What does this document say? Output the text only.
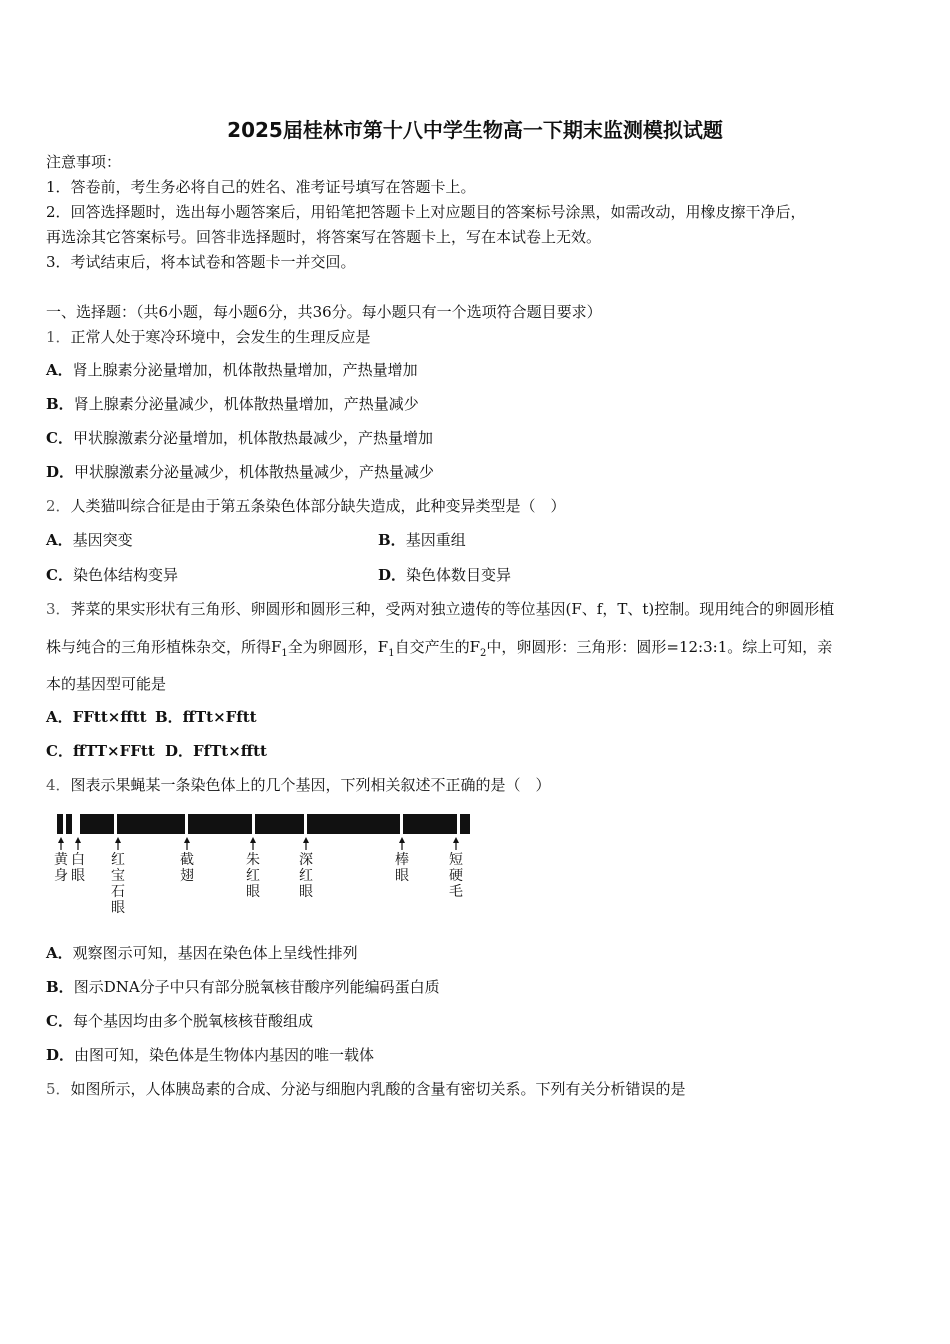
2025届桂林市第十八中学生物高一下期末监测模拟试题
注意事项：
1．答卷前，考生务必将自己的姓名、准考证号填写在答题卡上。
2．回答选择题时，选出每小题答案后，用铅笔把答题卡上对应题目的答案标号涂黑，如需改动，用橡皮擦干净后，
再选涂其它答案标号。回答非选择题时，将答案写在答题卡上，写在本试卷上无效。
3．考试结束后，将本试卷和答题卡一并交回。
一、选择题：（共6小题，每小题6分，共36分。每小题只有一个选项符合题目要求）
1．正常人处于寒冷环境中，会发生的生理反应是
A．肾上腺素分泌量增加，机体散热量增加，产热量增加
B．肾上腺素分泌量减少，机体散热量增加，产热量减少
C．甲状腺激素分泌量增加，机体散热最减少，产热量增加
D．甲状腺激素分泌量减少，机体散热量减少，产热量减少
2．人类猫叫综合征是由于第五条染色体部分缺失造成，此种变异类型是（　）
A．基因突变	B．基因重组
C．染色体结构变异	D．染色体数目变异
3．荠菜的果实形状有三角形、卵圆形和圆形三种，受两对独立遗传的等位基因(F、f，T、t)控制。现用纯合的卵圆形植
株与纯合的三角形植株杂交，所得$F_1$全为卵圆形，$F_1$自交产生的$F_2$中，卵圆形：三角形：圆形=12:3:1。综上可知，亲
本的基因型可能是
A．FFtt×fftt B．ffTt×Fftt
C．ffTT×FFtt D．FfTt×fftt
4．图表示果蝇某一条染色体上的几个基因，下列相关叙述不正确的是（　）
黄身
白眼
红宝石眼
截翅
朱红眼
深红眼
棒眼
短硬毛
A．观察图示可知，基因在染色体上呈线性排列
B．图示DNA分子中只有部分脱氧核苷酸序列能编码蛋白质
C．每个基因均由多个脱氧核核苷酸组成
D．由图可知，染色体是生物体内基因的唯一载体
5．如图所示，人体胰岛素的合成、分泌与细胞内乳酸的含量有密切关系。下列有关分析错误的是
